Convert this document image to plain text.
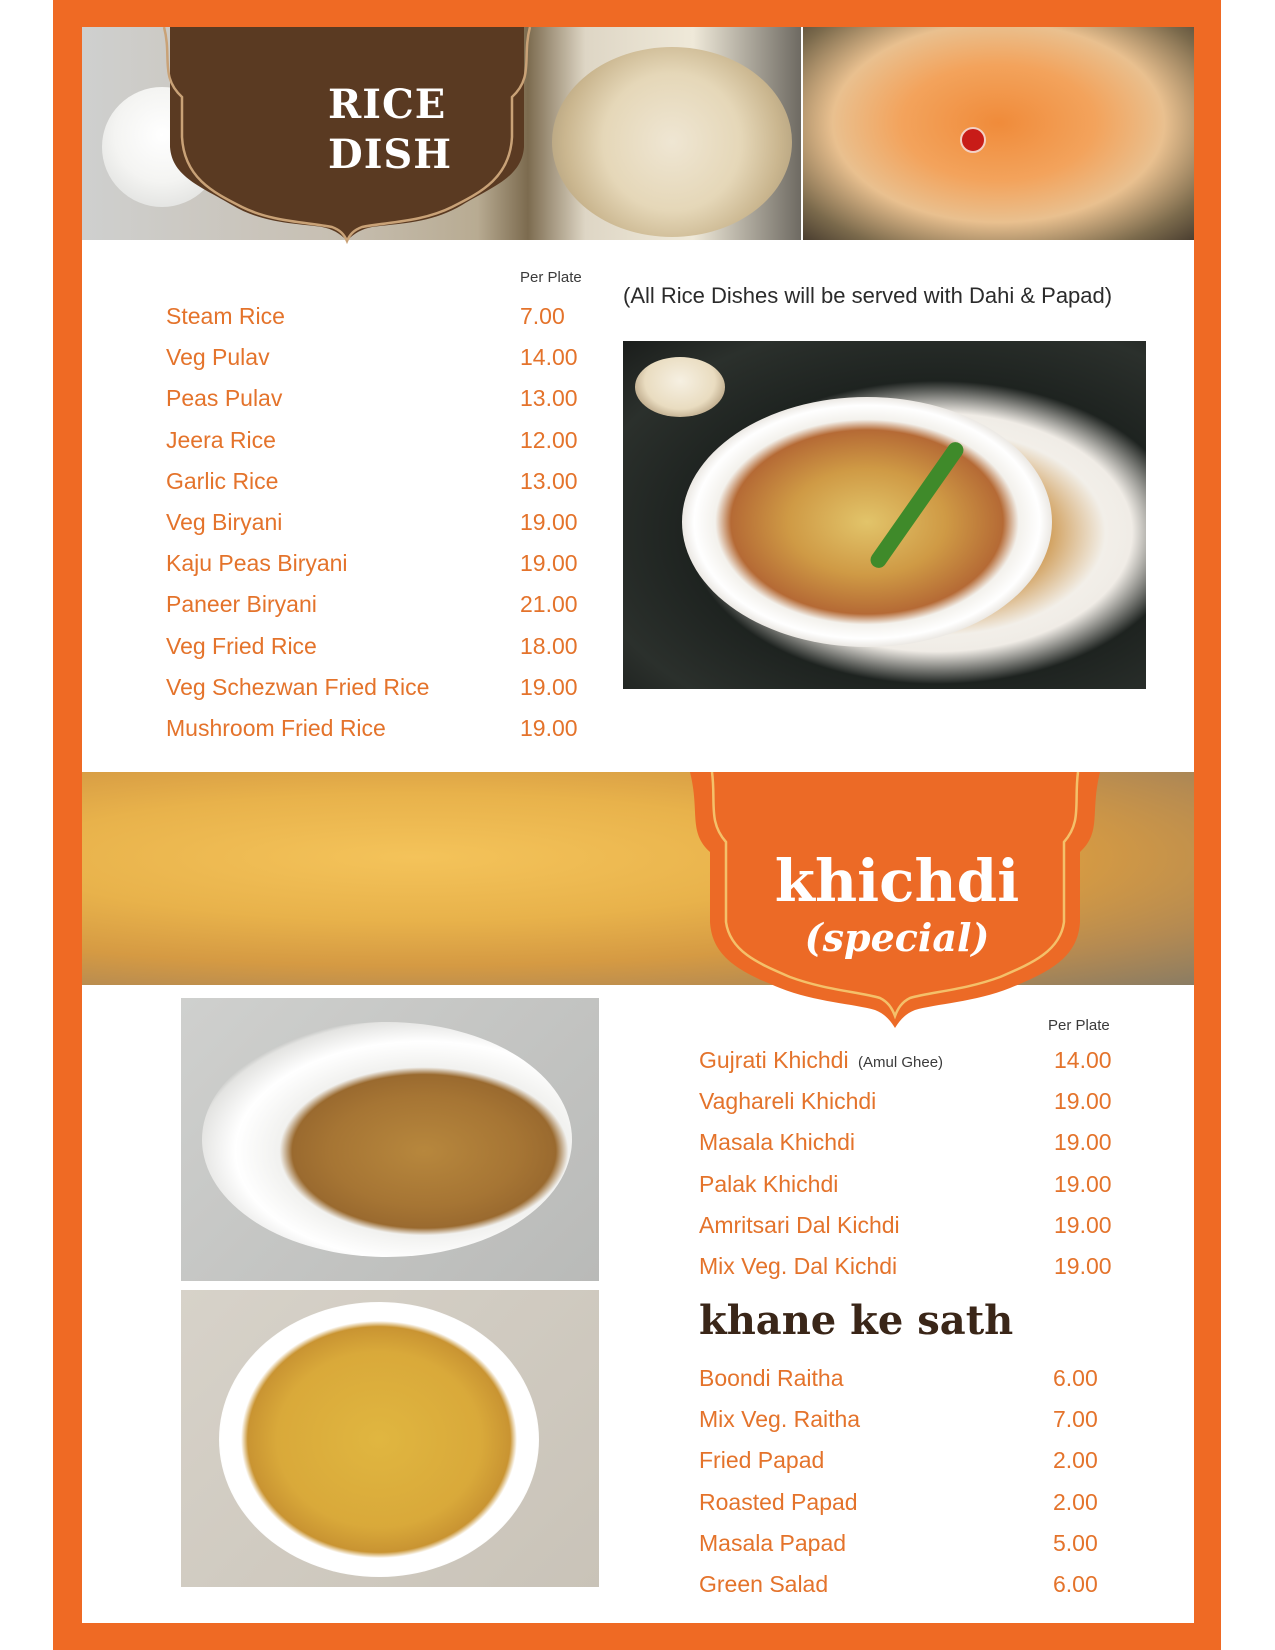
RICE
DISH
Per Plate
Steam Rice	7.00
Veg Pulav	14.00
Peas Pulav	13.00
Jeera Rice	12.00
Garlic Rice	13.00
Veg Biryani	19.00
Kaju Peas Biryani	19.00
Paneer Biryani	21.00
Veg Fried Rice	18.00
Veg Schezwan Fried Rice	19.00
Mushroom Fried Rice	19.00
(All Rice Dishes will be served with Dahi & Papad)
khichdi
(special)
Per Plate
Gujrati Khichdi (Amul Ghee)	14.00
Vaghareli Khichdi	19.00
Masala Khichdi	19.00
Palak Khichdi	19.00
Amritsari Dal Kichdi	19.00
Mix Veg. Dal Kichdi	19.00
khane ke sath
Boondi Raitha	6.00
Mix Veg. Raitha	7.00
Fried Papad	2.00
Roasted Papad	2.00
Masala Papad	5.00
Green Salad	6.00
